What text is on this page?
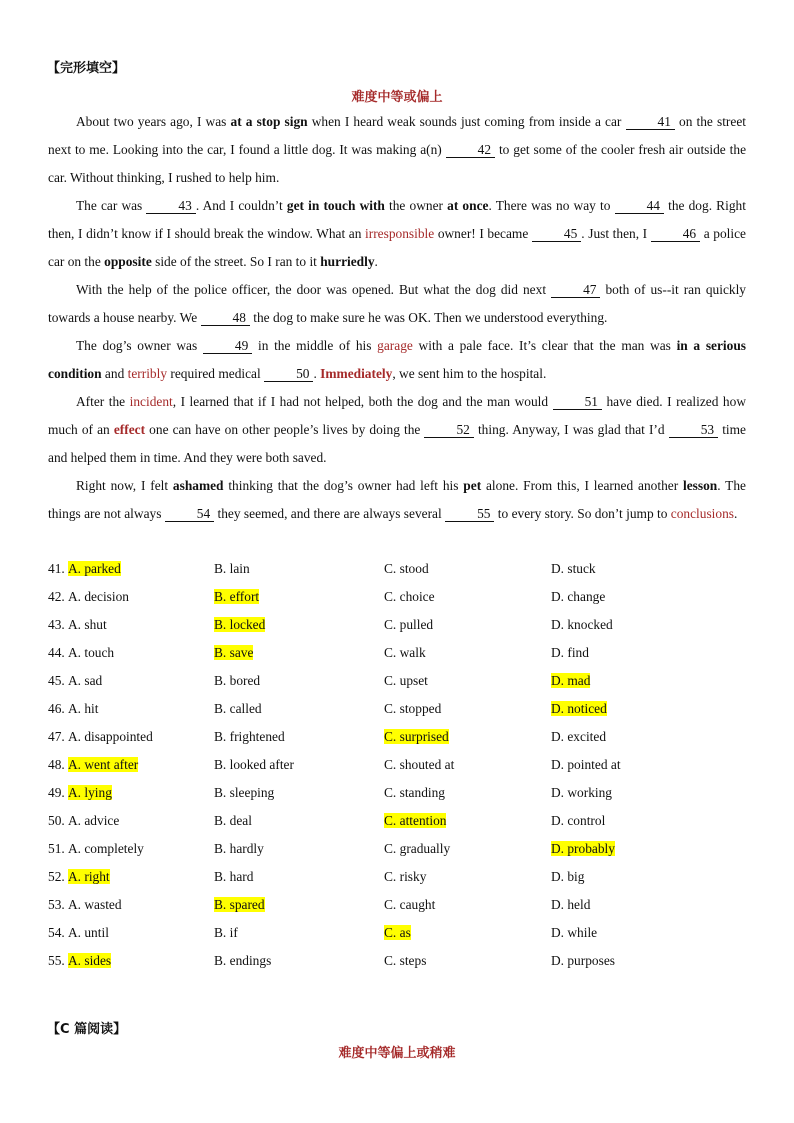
【完形填空】
难度中等或偏上

About two years ago, I was at a stop sign when I heard weak sounds just coming from inside a car 41 on the street next to me. Looking into the car, I found a little dog. It was making a(n) 42 to get some of the cooler fresh air outside the car. Without thinking, I rushed to help him.

The car was 43 . And I couldn’t get in touch with the owner at once. There was no way to 44 the dog. Right then, I didn’t know if I should break the window. What an irresponsible owner! I became 45 . Just then, I 46 a police car on the opposite side of the street. So I ran to it hurriedly.

With the help of the police officer, the door was opened. But what the dog did next 47 both of us--it ran quickly towards a house nearby. We 48 the dog to make sure he was OK. Then we understood everything.

The dog’s owner was 49 in the middle of his garage with a pale face. It’s clear that the man was in a serious condition and terribly required medical 50 . Immediately, we sent him to the hospital.

After the incident, I learned that if I had not helped, both the dog and the man would 51 have died. I realized how much of an effect one can have on other people’s lives by doing the 52 thing. Anyway, I was glad that I’d 53 time and helped them in time. And they were both saved.

Right now, I felt ashamed thinking that the dog’s owner had left his pet alone. From this, I learned another lesson. The things are not always 54 they seemed, and there are always several 55 to every story. So don’t jump to conclusions.

41. A. parked	B. lain	C. stood	D. stuck
42. A. decision	B. effort	C. choice	D. change
43. A. shut	B. locked	C. pulled	D. knocked
44. A. touch	B. save	C. walk	D. find
45. A. sad	B. bored	C. upset	D. mad
46. A. hit	B. called	C. stopped	D. noticed
47. A. disappointed	B. frightened	C. surprised	D. excited
48. A. went after	B. looked after	C. shouted at	D. pointed at
49. A. lying	B. sleeping	C. standing	D. working
50. A. advice	B. deal	C. attention	D. control
51. A. completely	B. hardly	C. gradually	D. probably
52. A. right	B. hard	C. risky	D. big
53. A. wasted	B. spared	C. caught	D. held
54. A. until	B. if	C. as	D. while
55. A. sides	B. endings	C. steps	D. purposes
【C 篇阅读】
难度中等偏上或稍难
